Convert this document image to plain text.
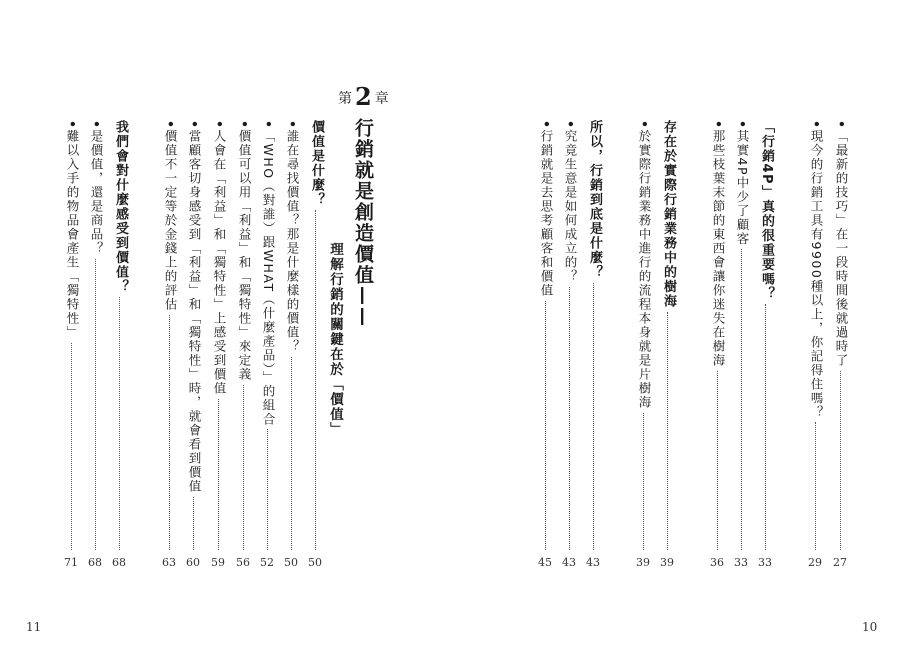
第 2 章
行銷就是創造價值——
理解行銷的關鍵在於「價值」
•「最新的技巧」在一段時間後就過時了
27
•現今的行銷工具有9900種以上，你記得住嗎？
29
「行銷4P」真的很重要嗎？
33
•其實4P中少了顧客
33
•那些枝葉末節的東西會讓你迷失在樹海
36
存在於實際行銷業務中的樹海
39
•於實際行銷業務中進行的流程本身就是片樹海
39
所以，行銷到底是什麼？
43
•究竟生意是如何成立的？
43
•行銷就是去思考顧客和價值
45
價值是什麼？
50
•誰在尋找價值？那是什麼樣的價值？
50
•「WHO（對誰）跟WHAT（什麼產品）」的組合
52
•價值可以用「利益」和「獨特性」來定義
56
•人會在「利益」和「獨特性」上感受到價值
59
•當顧客切身感受到「利益」和「獨特性」時，就會看到價值
60
•價值不一定等於金錢上的評估
63
我們會對什麼感受到價值？
68
•是價值，還是商品？
68
•難以入手的物品會產生「獨特性」
71
10
11
